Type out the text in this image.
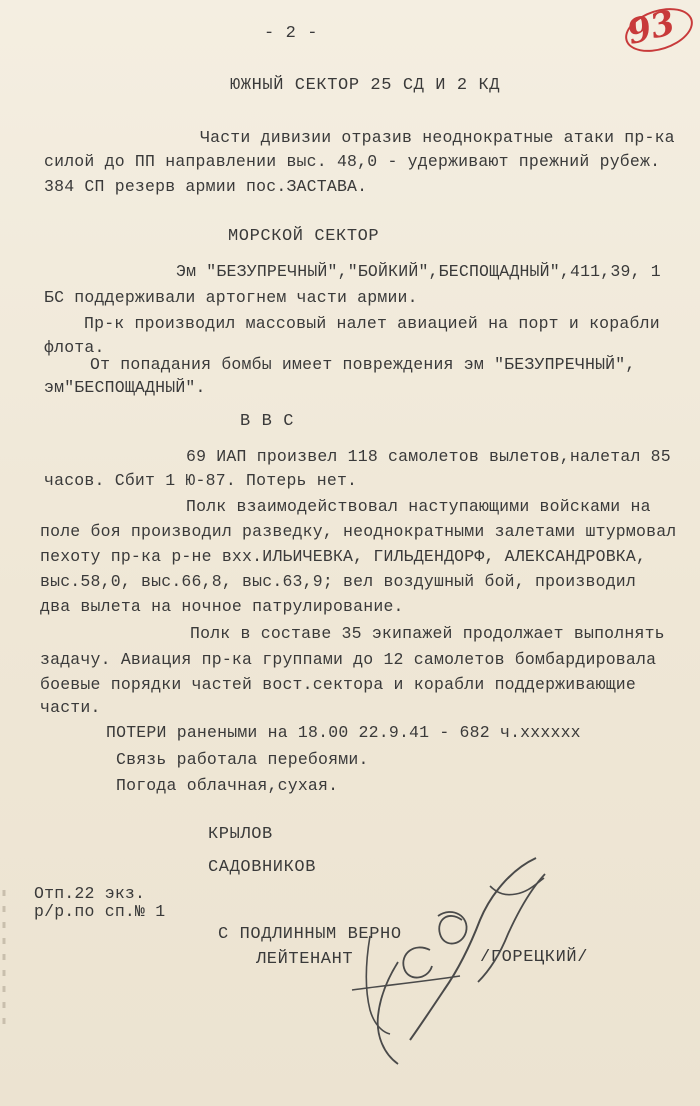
- 2 -	93
ЮЖНЫЙ СЕКТОР 25 СД И 2 КД
Части дивизии отразив неоднократные атаки пр-ка
силой до ПП направлении выс. 48,0 - удерживают прежний рубеж.
384 СП резерв армии пос.ЗАСТАВА.
МОРСКОЙ СЕКТОР
Эм "БЕЗУПРЕЧНЫЙ","БОЙКИЙ",БЕСПОЩАДНЫЙ",411,39, 1
БС поддерживали артогнем части армии.
Пр-к производил массовый налет авиацией на порт и корабли
флота.
От попадания бомбы имеет повреждения эм "БЕЗУПРЕЧНЫЙ",
эм"БЕСПОЩАДНЫЙ".
В В С
69 ИАП произвел 118 самолетов вылетов,налетал 85
часов. Сбит 1 Ю-87. Потерь нет.
Полк взаимодействовал наступающими войсками на
поле боя производил разведку, неоднократными залетами штурмовал
пехоту пр-ка р-не вхх.ИЛЬИЧЕВКА, ГИЛЬДЕНДОРФ, АЛЕКСАНДРОВКА,
выс.58,0, выс.66,8, выс.63,9; вел воздушный бой, производил
два вылета на ночное патрулирование.
Полк в составе 35 экипажей продолжает выполнять
задачу. Авиация пр-ка группами до 12 самолетов бомбардировала
боевые порядки частей вост.сектора и корабли поддерживающие
части.
ПОТЕРИ ранеными на 18.00 22.9.41 - 682 ч.xxxxxx
Связь работала перебоями.
Погода облачная,сухая.
КРЫЛОВ
САДОВНИКОВ
Отп.22 экз.
р/р.по сп.№ 1
С ПОДЛИННЫМ ВЕРНО
ЛЕЙТЕНАНТ	/ГОРЕЦКИЙ/
